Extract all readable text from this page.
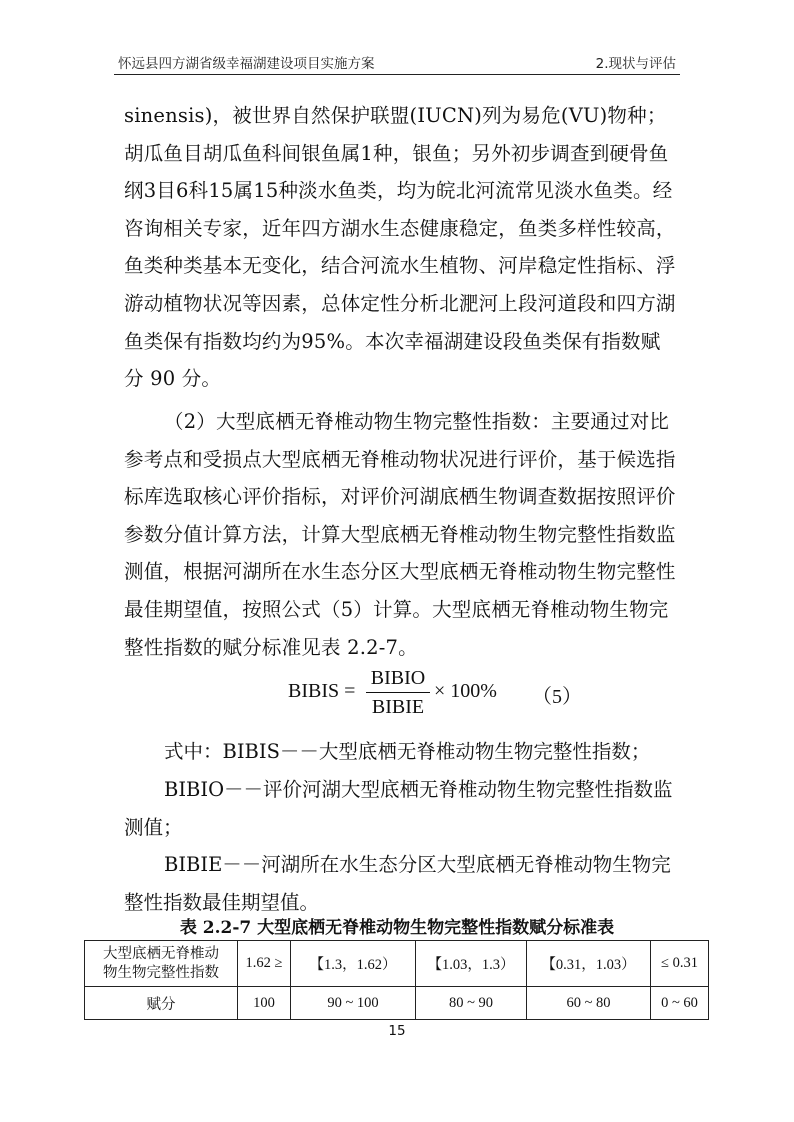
怀远县四方湖省级幸福湖建设项目实施方案	2.现状与评估
sinensis)，被世界自然保护联盟(IUCN)列为易危(VU)物种；胡瓜鱼目胡瓜鱼科间银鱼属1种，银鱼；另外初步调查到硬骨鱼纲3目6科15属15种淡水鱼类，均为皖北河流常见淡水鱼类。经咨询相关专家，近年四方湖水生态健康稳定，鱼类多样性较高，鱼类种类基本无变化，结合河流水生植物、河岸稳定性指标、浮游动植物状况等因素，总体定性分析北淝河上段河道段和四方湖鱼类保有指数均约为95%。本次幸福湖建设段鱼类保有指数赋分 90 分。
（2）大型底栖无脊椎动物生物完整性指数：主要通过对比参考点和受损点大型底栖无脊椎动物状况进行评价，基于候选指标库选取核心评价指标，对评价河湖底栖生物调查数据按照评价参数分值计算方法，计算大型底栖无脊椎动物生物完整性指数监测值，根据河湖所在水生态分区大型底栖无脊椎动物生物完整性最佳期望值，按照公式（5）计算。大型底栖无脊椎动物生物完整性指数的赋分标准见表 2.2-7。
BIBIS =
BIBIO
BIBIE
× 100% （5）
式中：BIBIS－－大型底栖无脊椎动物生物完整性指数；
BIBIO－－评价河湖大型底栖无脊椎动物生物完整性指数监测值；
BIBIE－－河湖所在水生态分区大型底栖无脊椎动物生物完整性指数最佳期望值。
表 2.2-7 大型底栖无脊椎动物生物完整性指数赋分标准表
大型底栖无脊椎动
物生物完整性指数	1.62 ≥	【1.3，1.62）	【1.03，1.3）	【0.31，1.03）	≤ 0.31
赋分	100	90 ~ 100	80 ~ 90	60 ~ 80	0 ~ 60
15
